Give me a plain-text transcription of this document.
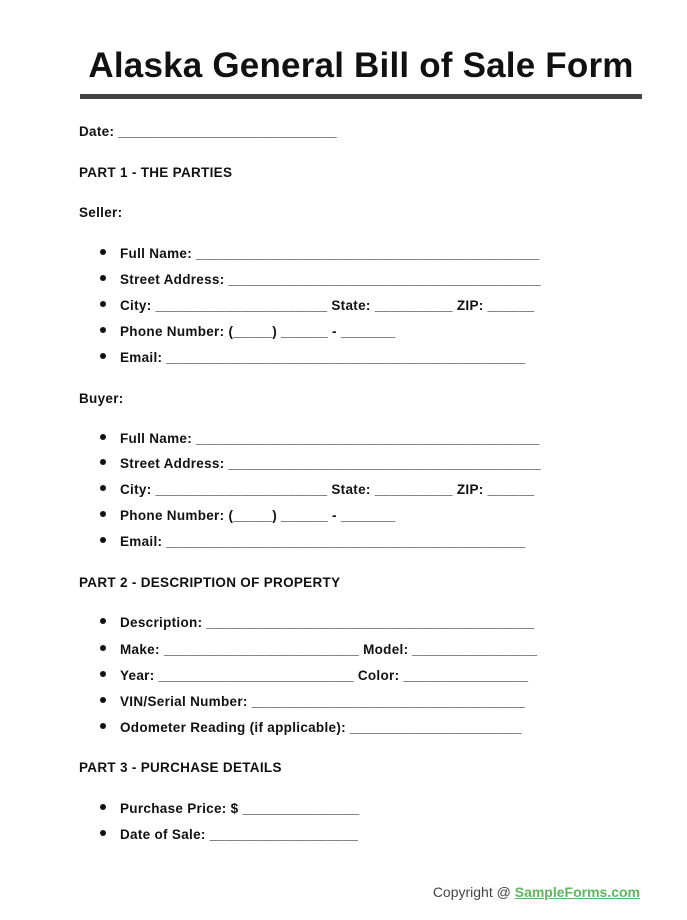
Alaska General Bill of Sale Form
Date: ____________________________
PART 1 - THE PARTIES
Seller:
Full Name: ____________________________________________
Street Address: ________________________________________
City: ______________________ State: __________ ZIP: ______
Phone Number: (_____) ______ - _______
Email: ______________________________________________
Buyer:
Full Name: ____________________________________________
Street Address: ________________________________________
City: ______________________ State: __________ ZIP: ______
Phone Number: (_____) ______ - _______
Email: ______________________________________________
PART 2 - DESCRIPTION OF PROPERTY
Description: __________________________________________
Make: _________________________ Model: ________________
Year: _________________________ Color: ________________
VIN/Serial Number: ___________________________________
Odometer Reading (if applicable): ______________________
PART 3 - PURCHASE DETAILS
Purchase Price: $ _______________
Date of Sale: ___________________
Copyright @ SampleForms.com
